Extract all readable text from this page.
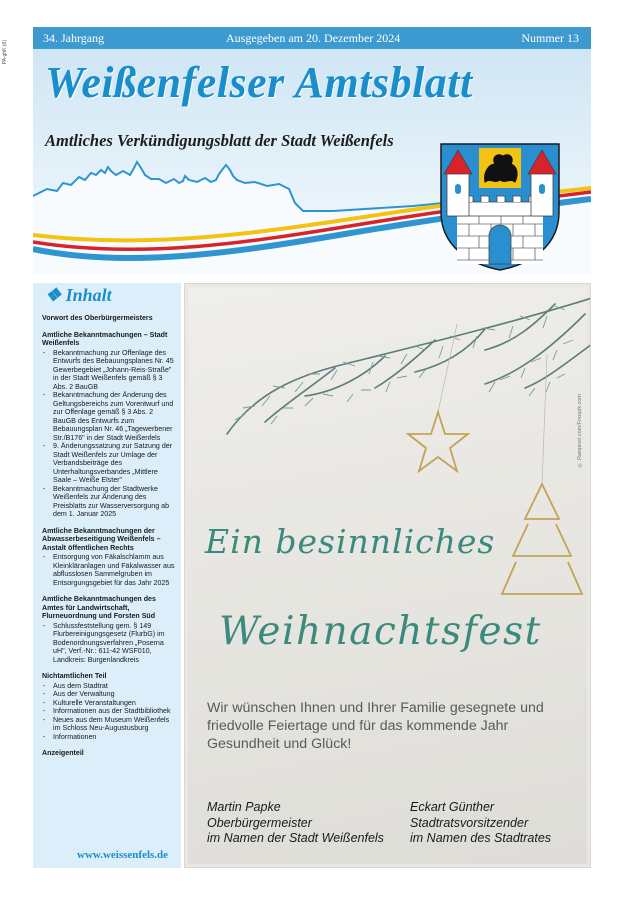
PA-ghK (6)
34. Jahrgang	Ausgegeben am 20. Dezember 2024	Nummer 13
Weißenfelser Amtsblatt
Amtliches Verkündigungsblatt der Stadt Weißenfels
❖ Inhalt
Vorwort des Oberbürgermeisters
Amtliche Bekanntmachungen – Stadt Weißenfels
- Bekanntmachung zur Offenlage des Entwurfs des Bebauungsplanes Nr. 45 Gewerbegebiet „Johann-Reis-Straße" in der Stadt Weißenfels gemäß § 3 Abs. 2 BauGB
- Bekanntmachung der Änderung des Geltungsbereichs zum Vorentwurf und zur Offenlage gemäß § 3 Abs. 2 BauGB des Entwurfs zum Bebauungsplan Nr. 46 „Tagewerbener Str./B176" in der Stadt Weißenfels
- 9. Änderungssatzung zur Satzung der Stadt Weißenfels zur Umlage der Verbandsbeiträge des Unterhaltungsverbandes „Mittlere Saale – Weiße Elster"
- Bekanntmachung der Stadtwerke Weißenfels zur Änderung des Preisblatts zur Wasserversorgung ab dem 1. Januar 2025
Amtliche Bekanntmachungen der Abwasserbeseitigung Weißenfels – Anstalt öffentlichen Rechts
- Entsorgung von Fäkalschlamm aus Kleinkläranlagen und Fäkalwasser aus abflusslosen Sammelgruben im Entsorgungsgebiet für das Jahr 2025
Amtliche Bekanntmachungen des Amtes für Landwirtschaft, Flurneuordnung und Forsten Süd
- Schlussfeststellung gem. § 149 Flurbereinigungsgesetz (FlurbG) im Bodenordnungsverfahren „Poserna uH", Verf.-Nr.: 611-42 WSF010, Landkreis: Burgenlandkreis
Nichtamtlichen Teil
- Aus dem Stadtrat
- Aus der Verwaltung
- Kulturelle Veranstaltungen
- Informationen aus der Stadtbibliothek
- Neues aus dem Museum Weißenfels im Schloss Neu-Augustusburg
- Informationen
Anzeigenteil
www.weissenfels.de
Ein besinnliches
Weihnachtsfest
Wir wünschen Ihnen und Ihrer Familie gesegnete und friedvolle Feiertage und für das kommende Jahr Gesundheit und Glück!
Martin Papke
Oberbürgermeister
im Namen der Stadt Weißenfels
Eckart Günther
Stadtratsvorsitzender
im Namen des Stadtrates
© Rawpixel.com/Freepik.com
